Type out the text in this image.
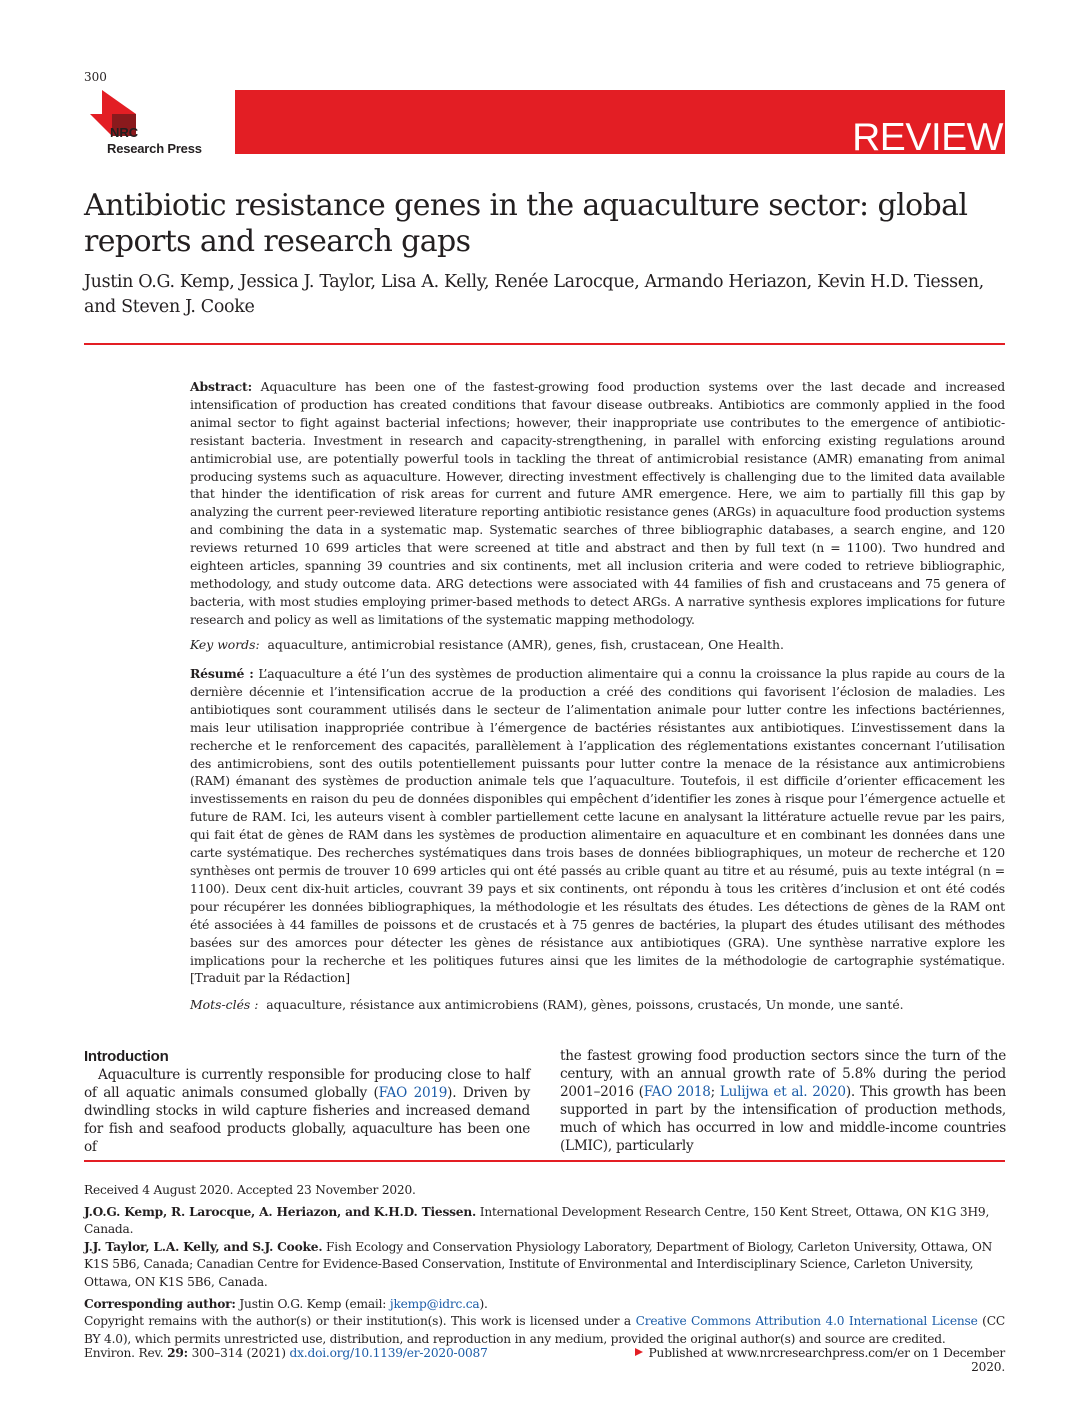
300
NRC
Research Press	REVIEW
Antibiotic resistance genes in the aquaculture sector: global reports and research gaps
Justin O.G. Kemp, Jessica J. Taylor, Lisa A. Kelly, Renée Larocque, Armando Heriazon, Kevin H.D. Tiessen, and Steven J. Cooke
Abstract: Aquaculture has been one of the fastest-growing food production systems over the last decade and increased intensification of production has created conditions that favour disease outbreaks. Antibiotics are commonly applied in the food animal sector to fight against bacterial infections; however, their inappropriate use contributes to the emergence of antibiotic-resistant bacteria. Investment in research and capacity-strengthening, in parallel with enforcing existing regulations around antimicrobial use, are potentially powerful tools in tackling the threat of antimicrobial resistance (AMR) emanating from animal producing systems such as aquaculture. However, directing investment effectively is challenging due to the limited data available that hinder the identification of risk areas for current and future AMR emergence. Here, we aim to partially fill this gap by analyzing the current peer-reviewed literature reporting antibiotic resistance genes (ARGs) in aquaculture food production systems and combining the data in a systematic map. Systematic searches of three bibliographic databases, a search engine, and 120 reviews returned 10 699 articles that were screened at title and abstract and then by full text (n = 1100). Two hundred and eighteen articles, spanning 39 countries and six continents, met all inclusion criteria and were coded to retrieve bibliographic, methodology, and study outcome data. ARG detections were associated with 44 families of fish and crustaceans and 75 genera of bacteria, with most studies employing primer-based methods to detect ARGs. A narrative synthesis explores implications for future research and policy as well as limitations of the systematic mapping methodology.
Key words: aquaculture, antimicrobial resistance (AMR), genes, fish, crustacean, One Health.
Résumé : L’aquaculture a été l’un des systèmes de production alimentaire qui a connu la croissance la plus rapide au cours de la dernière décennie et l’intensification accrue de la production a créé des conditions qui favorisent l’éclosion de maladies. Les antibiotiques sont couramment utilisés dans le secteur de l’alimentation animale pour lutter contre les infections bactériennes, mais leur utilisation inappropriée contribue à l’émergence de bactéries résistantes aux antibiotiques. L’investissement dans la recherche et le renforcement des capacités, parallèlement à l’application des réglementations existantes concernant l’utilisation des antimicrobiens, sont des outils potentiellement puissants pour lutter contre la menace de la résistance aux antimicrobiens (RAM) émanant des systèmes de production animale tels que l’aquaculture. Toutefois, il est difficile d’orienter efficacement les investissements en raison du peu de données disponibles qui empêchent d’identifier les zones à risque pour l’émergence actuelle et future de RAM. Ici, les auteurs visent à combler partiellement cette lacune en analysant la littérature actuelle revue par les pairs, qui fait état de gènes de RAM dans les systèmes de production alimentaire en aquaculture et en combinant les données dans une carte systématique. Des recherches systématiques dans trois bases de données bibliographiques, un moteur de recherche et 120 synthèses ont permis de trouver 10 699 articles qui ont été passés au crible quant au titre et au résumé, puis au texte intégral (n = 1100). Deux cent dix-huit articles, couvrant 39 pays et six continents, ont répondu à tous les critères d’inclusion et ont été codés pour récupérer les données bibliographiques, la méthodologie et les résultats des études. Les détections de gènes de la RAM ont été associées à 44 familles de poissons et de crustacés et à 75 genres de bactéries, la plupart des études utilisant des méthodes basées sur des amorces pour détecter les gènes de résistance aux antibiotiques (GRA). Une synthèse narrative explore les implications pour la recherche et les politiques futures ainsi que les limites de la méthodologie de cartographie systématique. [Traduit par la Rédaction]
Mots-clés : aquaculture, résistance aux antimicrobiens (RAM), gènes, poissons, crustacés, Un monde, une santé.
Introduction
Aquaculture is currently responsible for producing close to half of all aquatic animals consumed globally (FAO 2019). Driven by dwindling stocks in wild capture fisheries and increased demand for fish and seafood products globally, aquaculture has been one of
the fastest growing food production sectors since the turn of the century, with an annual growth rate of 5.8% during the period 2001–2016 (FAO 2018; Lulijwa et al. 2020). This growth has been supported in part by the intensification of production methods, much of which has occurred in low and middle-income countries (LMIC), particularly

Received 4 August 2020. Accepted 23 November 2020.

J.O.G. Kemp, R. Larocque, A. Heriazon, and K.H.D. Tiessen. International Development Research Centre, 150 Kent Street, Ottawa, ON K1G 3H9, Canada.

J.J. Taylor, L.A. Kelly, and S.J. Cooke. Fish Ecology and Conservation Physiology Laboratory, Department of Biology, Carleton University, Ottawa, ON K1S 5B6, Canada; Canadian Centre for Evidence-Based Conservation, Institute of Environmental and Interdisciplinary Science, Carleton University, Ottawa, ON K1S 5B6, Canada.

Corresponding author: Justin O.G. Kemp (email: jkemp@idrc.ca).

Copyright remains with the author(s) or their institution(s). This work is licensed under a Creative Commons Attribution 4.0 International License (CC BY 4.0), which permits unrestricted use, distribution, and reproduction in any medium, provided the original author(s) and source are credited.

Environ. Rev. 29: 300–314 (2021) dx.doi.org/10.1139/er-2020-0087	Published at www.nrcresearchpress.com/er on 1 December 2020.
